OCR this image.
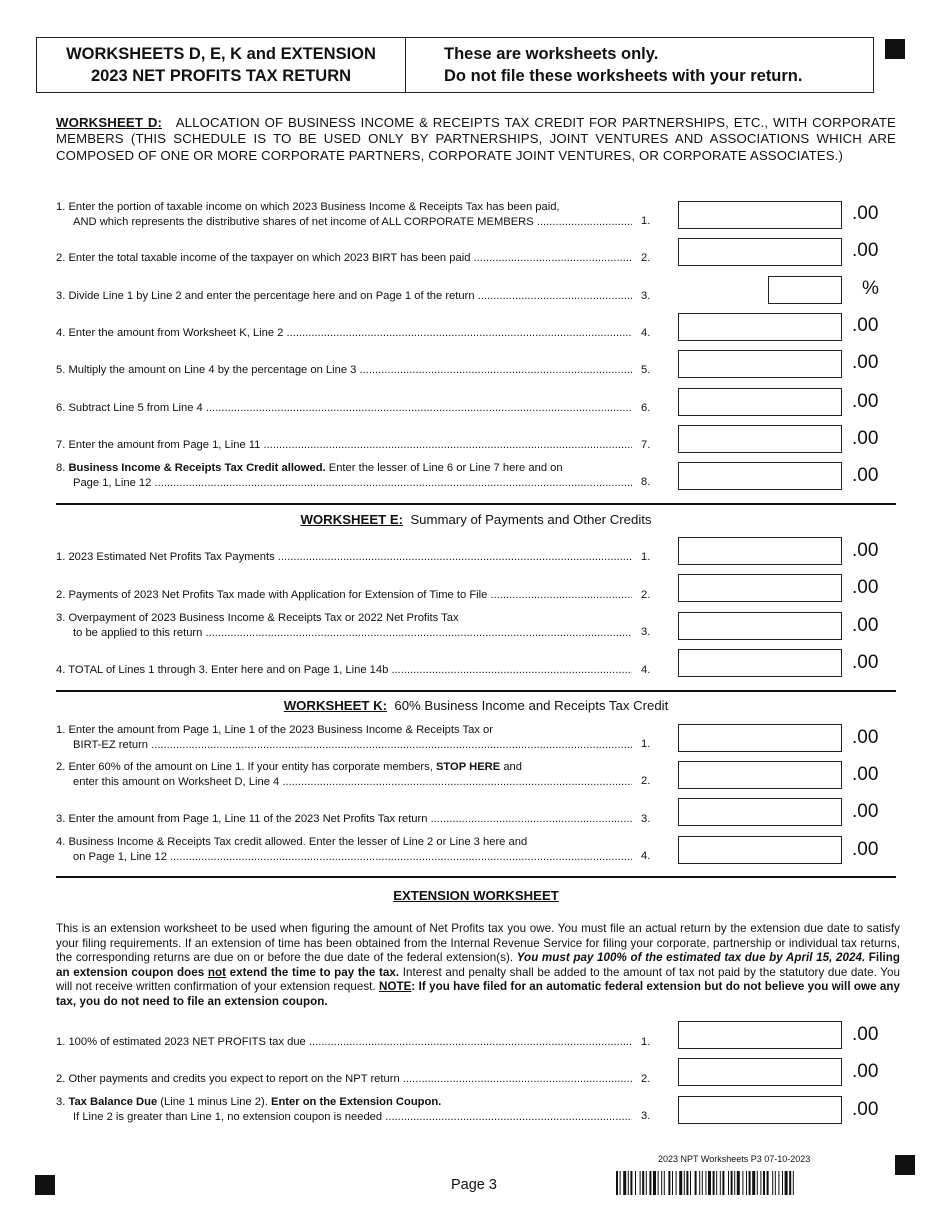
WORKSHEETS D, E, K and EXTENSION
2023 NET PROFITS TAX RETURN
These are worksheets only.
Do not file these worksheets with your return.
WORKSHEET D: ALLOCATION OF BUSINESS INCOME & RECEIPTS TAX CREDIT FOR PARTNERSHIPS, ETC., WITH CORPORATE MEMBERS (THIS SCHEDULE IS TO BE USED ONLY BY PARTNERSHIPS, JOINT VENTURES AND ASSOCIATIONS WHICH ARE COMPOSED OF ONE OR MORE CORPORATE PARTNERS, CORPORATE JOINT VENTURES, OR CORPORATE ASSOCIATES.)
1. Enter the portion of taxable income on which 2023 Business Income & Receipts Tax has been paid,
AND which represents the distributive shares of net income of ALL CORPORATE MEMBERS .....	1.	.00
2. Enter the total taxable income of the taxpayer on which 2023 BIRT has been paid .....	2.	.00
3. Divide Line 1 by Line 2 and enter the percentage here and on Page 1 of the return .....	3.	%
4. Enter the amount from Worksheet K, Line 2 .....	4.	.00
5. Multiply the amount on Line 4 by the percentage on Line 3 .....	5.	.00
6. Subtract Line 5 from Line 4 .....	6.	.00
7. Enter the amount from Page 1, Line 11 .....	7.	.00
8. Business Income & Receipts Tax Credit allowed. Enter the lesser of Line 6 or Line 7 here and on
Page 1, Line 12 .....	8.	.00
WORKSHEET E: Summary of Payments and Other Credits
1. 2023 Estimated Net Profits Tax Payments .....	1.	.00
2. Payments of 2023 Net Profits Tax made with Application for Extension of Time to File .....	2.	.00
3. Overpayment of 2023 Business Income & Receipts Tax or 2022 Net Profits Tax
to be applied to this return .....	3.	.00
4. TOTAL of Lines 1 through 3. Enter here and on Page 1, Line 14b .....	4.	.00
WORKSHEET K: 60% Business Income and Receipts Tax Credit
1. Enter the amount from Page 1, Line 1 of the 2023 Business Income & Receipts Tax or
BIRT-EZ return .....	1.	.00
2. Enter 60% of the amount on Line 1. If your entity has corporate members, STOP HERE and
enter this amount on Worksheet D, Line 4 .....	2.	.00
3. Enter the amount from Page 1, Line 11 of the 2023 Net Profits Tax return .....	3.	.00
4. Business Income & Receipts Tax credit allowed. Enter the lesser of Line 2 or Line 3 here and
on Page 1, Line 12 .....	4.	.00
EXTENSION WORKSHEET
This is an extension worksheet to be used when figuring the amount of Net Profits tax you owe. You must file an actual return by the extension due date to satisfy your filing requirements. If an extension of time has been obtained from the Internal Revenue Service for filing your corporate, partnership or individual tax returns, the corresponding returns are due on or before the due date of the federal extension(s). You must pay 100% of the estimated tax due by April 15, 2024. Filing an extension coupon does not extend the time to pay the tax. Interest and penalty shall be added to the amount of tax not paid by the statutory due date. You will not receive written confirmation of your extension request. NOTE: If you have filed for an automatic federal extension but do not believe you will owe any tax, you do not need to file an extension coupon.
1. 100% of estimated 2023 NET PROFITS tax due .....	1.	.00
2. Other payments and credits you expect to report on the NPT return .....	2.	.00
3. Tax Balance Due (Line 1 minus Line 2). Enter on the Extension Coupon.
If Line 2 is greater than Line 1, no extension coupon is needed .....	3.	.00
2023 NPT Worksheets P3 07-10-2023
Page 3
